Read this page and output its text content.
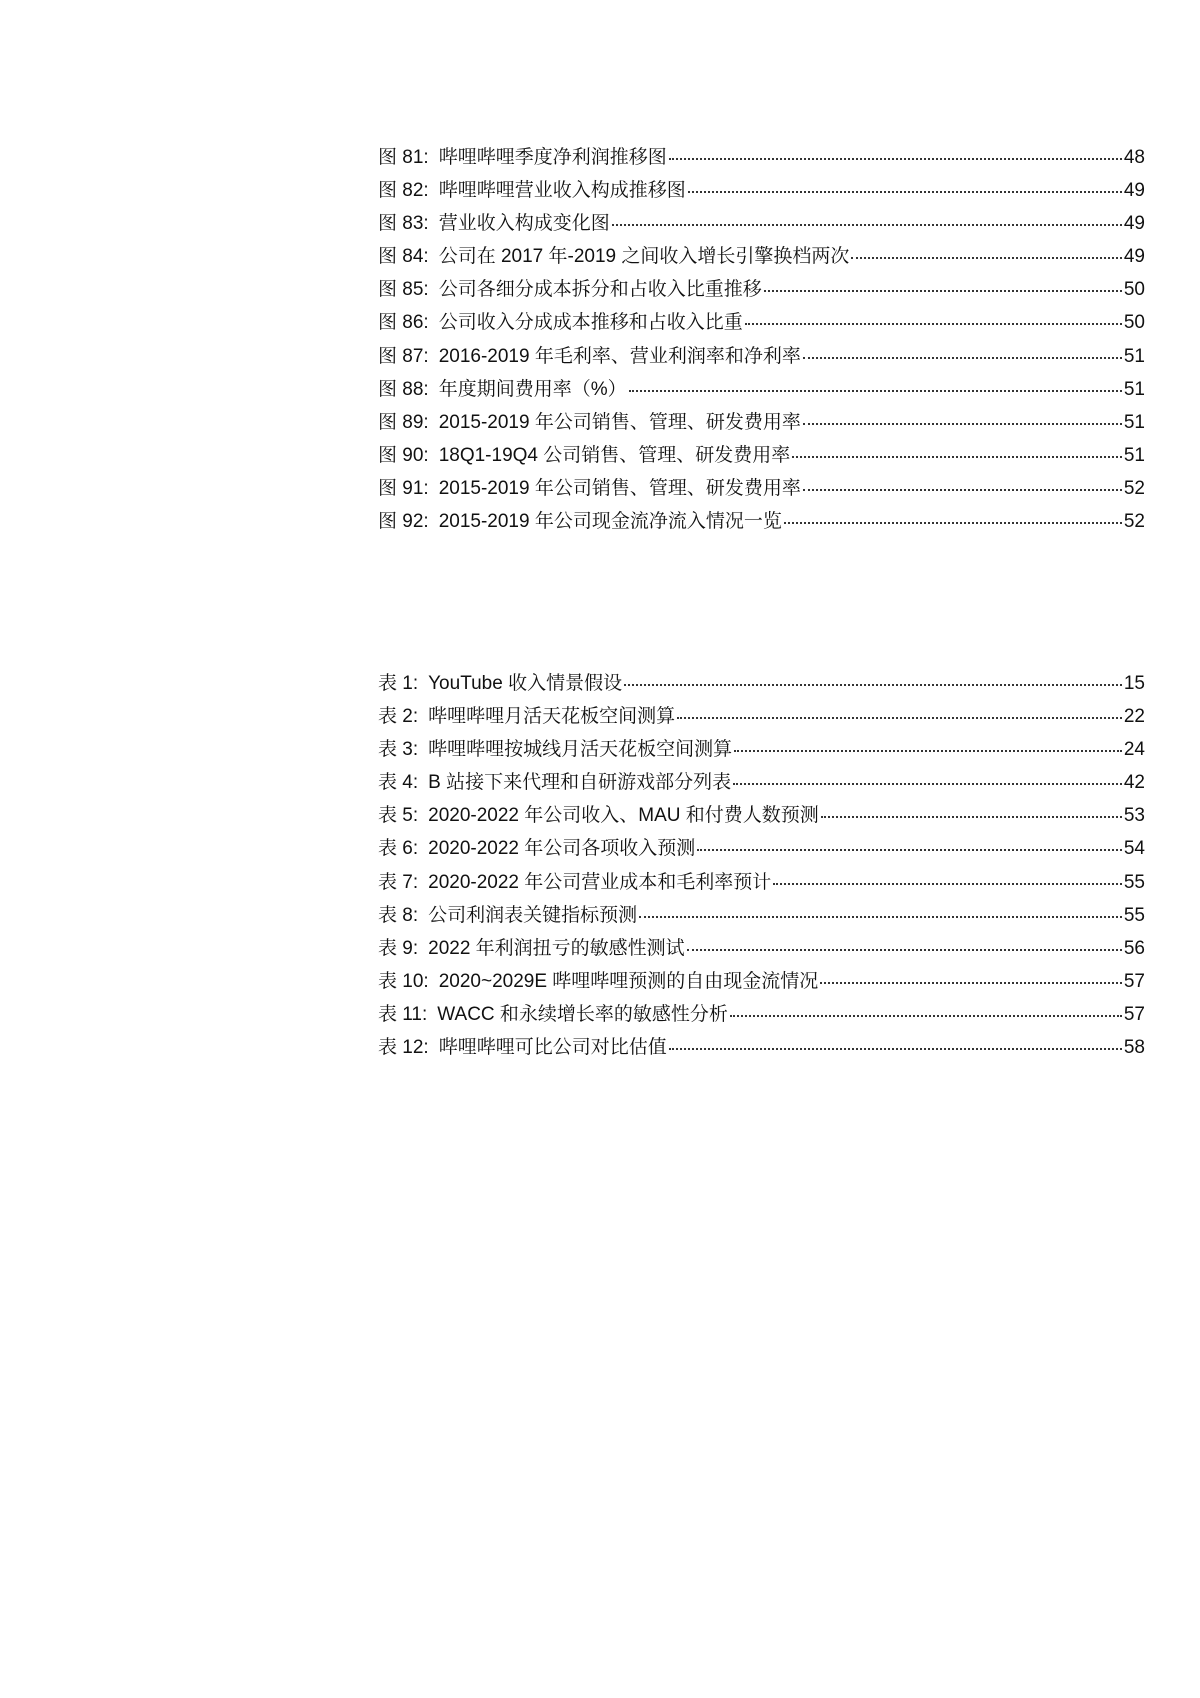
图 81: 哔哩哔哩季度净利润推移图	48
图 82: 哔哩哔哩营业收入构成推移图	49
图 83: 营业收入构成变化图	49
图 84: 公司在 2017 年-2019 之间收入增长引擎换档两次	49
图 85: 公司各细分成本拆分和占收入比重推移	50
图 86: 公司收入分成成本推移和占收入比重	50
图 87: 2016-2019 年毛利率、营业利润率和净利率	51
图 88: 年度期间费用率（%）	51
图 89: 2015-2019 年公司销售、管理、研发费用率	51
图 90: 18Q1-19Q4 公司销售、管理、研发费用率	51
图 91: 2015-2019 年公司销售、管理、研发费用率	52
图 92: 2015-2019 年公司现金流净流入情况一览	52
表 1: YouTube 收入情景假设	15
表 2: 哔哩哔哩月活天花板空间测算	22
表 3: 哔哩哔哩按城线月活天花板空间测算	24
表 4: B 站接下来代理和自研游戏部分列表	42
表 5: 2020-2022 年公司收入、MAU 和付费人数预测	53
表 6: 2020-2022 年公司各项收入预测	54
表 7: 2020-2022 年公司营业成本和毛利率预计	55
表 8: 公司利润表关键指标预测	55
表 9: 2022 年利润扭亏的敏感性测试	56
表 10: 2020~2029E 哔哩哔哩预测的自由现金流情况	57
表 11: WACC 和永续增长率的敏感性分析	57
表 12: 哔哩哔哩可比公司对比估值	58
